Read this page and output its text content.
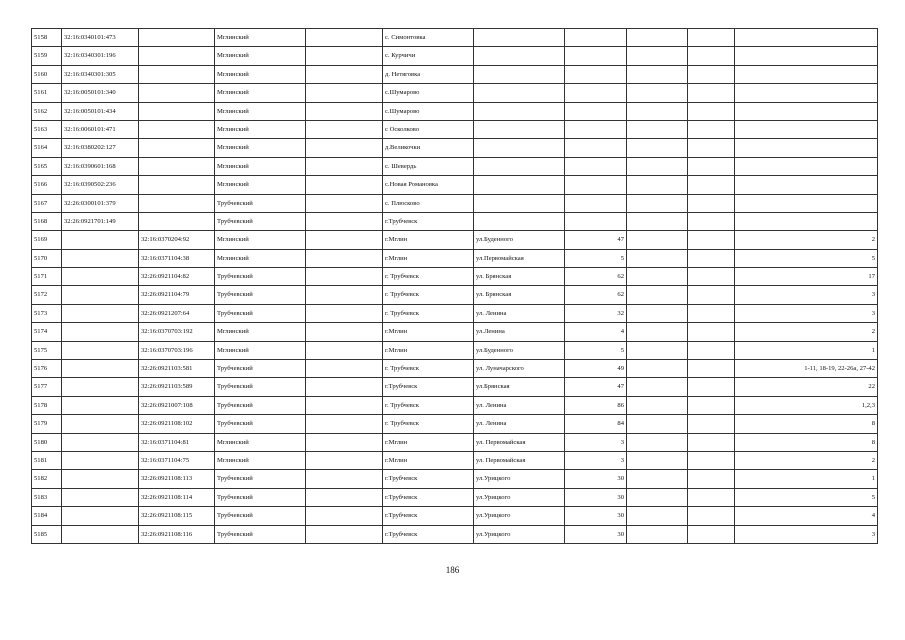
5158	32:16:0340101:473		Мглинский		с. Симонтовка					
5159	32:16:0340301:196		Мглинский		с. Курчичи					
5160	32:16:0340301:305		Мглинский		д. Нетяговка					
5161	32:16:0050101:340		Мглинский		с.Шумарово					
5162	32:16:0050101:434		Мглинский		с.Шумарово					
5163	32:16:0060101:471		Мглинский		с Осколково					
5164	32:16:0380202:127		Мглинский		д.Великочки					
5165	32:16:0390601:168		Мглинский		с. Шевердь					
5166	32:16:0390502:236		Мглинский		с.Новая Романовка					
5167	32:26:0300101:379		Трубчевский		с. Плюсково					
5168	32:26:0921701:149		Трубчевский		г.Трубчевск					
5169		32:16:0370204:92	Мглинский		г.Мглин	ул.Буденного	47			2
5170		32:16:0371104:38	Мглинский		г.Мглин	ул.Первомайская	5			5
5171		32:26:0921104:82	Трубчевский		г. Трубчевск	ул. Брянская	62			17
5172		32:26:0921104:79	Трубчевский		г. Трубчевск	ул. Брянская	62			3
5173		32:26:0921207:64	Трубчевский		г. Трубчевск	ул. Ленина	32			3
5174		32:16:0370703:192	Мглинский		г.Мглин	ул.Ленина	4			2
5175		32:16:0370703:196	Мглинский		г.Мглин	ул.Буденного	5			1
5176		32:26:0921103:581	Трубчевский		г. Трубчевск	ул. Луначарского	49			1-11, 18-19, 22-26а, 27-42
5177		32:26:0921103:589	Трубчевский		г.Трубчевск	ул.Брянская	47			22
5178		32:26:0921007:108	Трубчевский		г. Трубчевск	ул. Ленина	86			1,2,3
5179		32:26:0921108:102	Трубчевский		г. Трубчевск	ул. Ленина	84			8
5180		32:16:0371104:81	Мглинский		г.Мглин	ул. Первомайская	3			8
5181		32:16:0371104:75	Мглинский		г.Мглин	ул. Первомайская	3			2
5182		32:26:0921108:113	Трубчевский		г.Трубчевск	ул.Урицкого	30			1
5183		32:26:0921108:114	Трубчевский		г.Трубчевск	ул.Урицкого	30			5
5184		32:26:0921108:115	Трубчевский		г.Трубчевск	ул.Урицкого	30			4
5185		32:26:0921108:116	Трубчевский		г.Трубчевск	ул.Урицкого	30			3
186
